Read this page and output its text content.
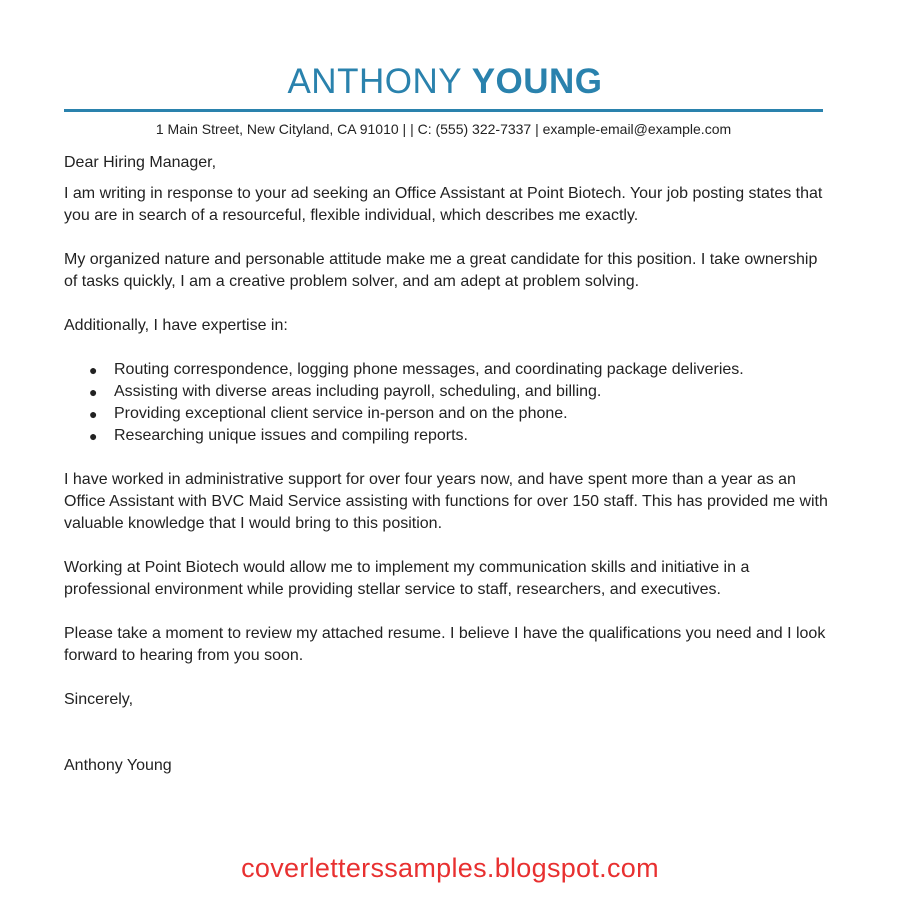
ANTHONY YOUNG
1 Main Street, New Cityland, CA 91010 | | C: (555) 322-7337 | example-email@example.com

Dear Hiring Manager,

I am writing in response to your ad seeking an Office Assistant at Point Biotech. Your job posting states that you are in search of a resourceful, flexible individual, which describes me exactly.

My organized nature and personable attitude make me a great candidate for this position. I take ownership of tasks quickly, I am a creative problem solver, and am adept at problem solving.

Additionally, I have expertise in:

● Routing correspondence, logging phone messages, and coordinating package deliveries.
● Assisting with diverse areas including payroll, scheduling, and billing.
● Providing exceptional client service in-person and on the phone.
● Researching unique issues and compiling reports.

I have worked in administrative support for over four years now, and have spent more than a year as an Office Assistant with BVC Maid Service assisting with functions for over 150 staff. This has provided me with valuable knowledge that I would bring to this position.

Working at Point Biotech would allow me to implement my communication skills and initiative in a professional environment while providing stellar service to staff, researchers, and executives.

Please take a moment to review my attached resume. I believe I have the qualifications you need and I look forward to hearing from you soon.

Sincerely,

Anthony Young

coverletterssamples.blogspot.com
